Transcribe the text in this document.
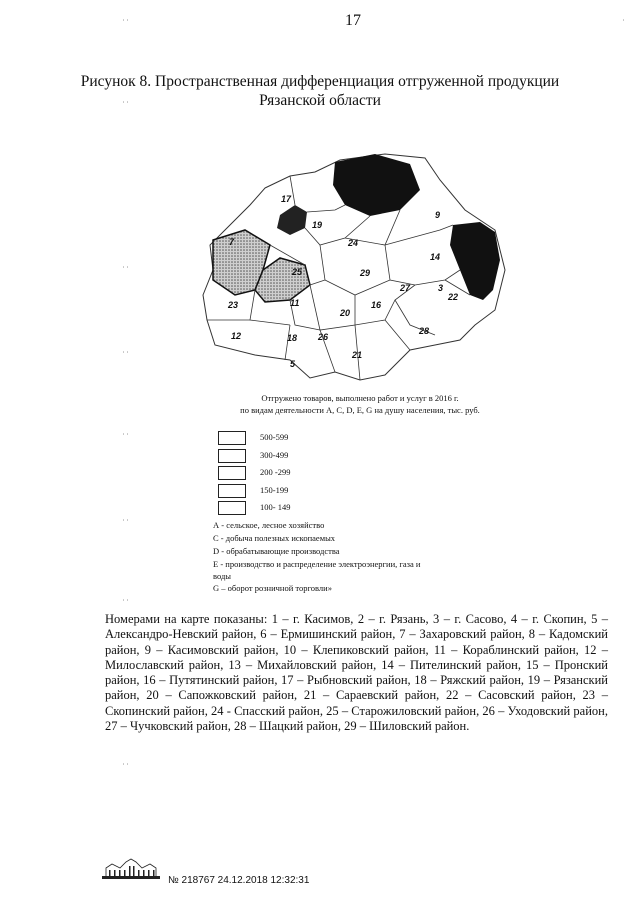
17
Рисунок 8. Пространственная дифференциация отгруженной продукции Рязанской области
˙˙	˙
˙˙
˙˙
˙˙
˙˙
˙˙
˙˙
˙˙
17
19
9
24
7
14
25	29
27	3
22
23	11	16
20
28
12	18 26
21
5
Отгружено товаров, выполнено работ и услуг в 2016 г.
по видам деятельности A, C, D, E, G на душу населения, тыс. руб.
500-599
300-499
200 -299
150-199
100- 149
А - сельское, лесное хозяйство
С - добыча полезных ископаемых
D - обрабатывающие производства
Е - производство и распределение электроэнергии, газа и
воды
G – оборот розничной торговли»
Номерами на карте показаны: 1 – г. Касимов, 2 – г. Рязань, 3 – г. Сасово, 4 – г. Скопин, 5 – Александро-Невский район, 6 – Ермишинский район, 7 – Захаровский район, 8 – Кадомский район, 9 – Касимовский район, 10 – Клепиковский район, 11 – Кораблинский район, 12 – Милославский район, 13 – Михайловский район, 14 – Пителинский район, 15 – Пронский район, 16 – Путятинский район, 17 – Рыбновский район, 18 – Ряжский район, 19 – Рязанский район, 20 – Сапожковский район, 21 – Сараевский район, 22 – Сасовский район, 23 – Скопинский район, 24 - Спасский район, 25 – Старожиловский район, 26 – Уходовский район, 27 – Чучковский район, 28 – Шацкий район, 29 – Шиловский район.
№ 218767 24.12.2018 12:32:31
